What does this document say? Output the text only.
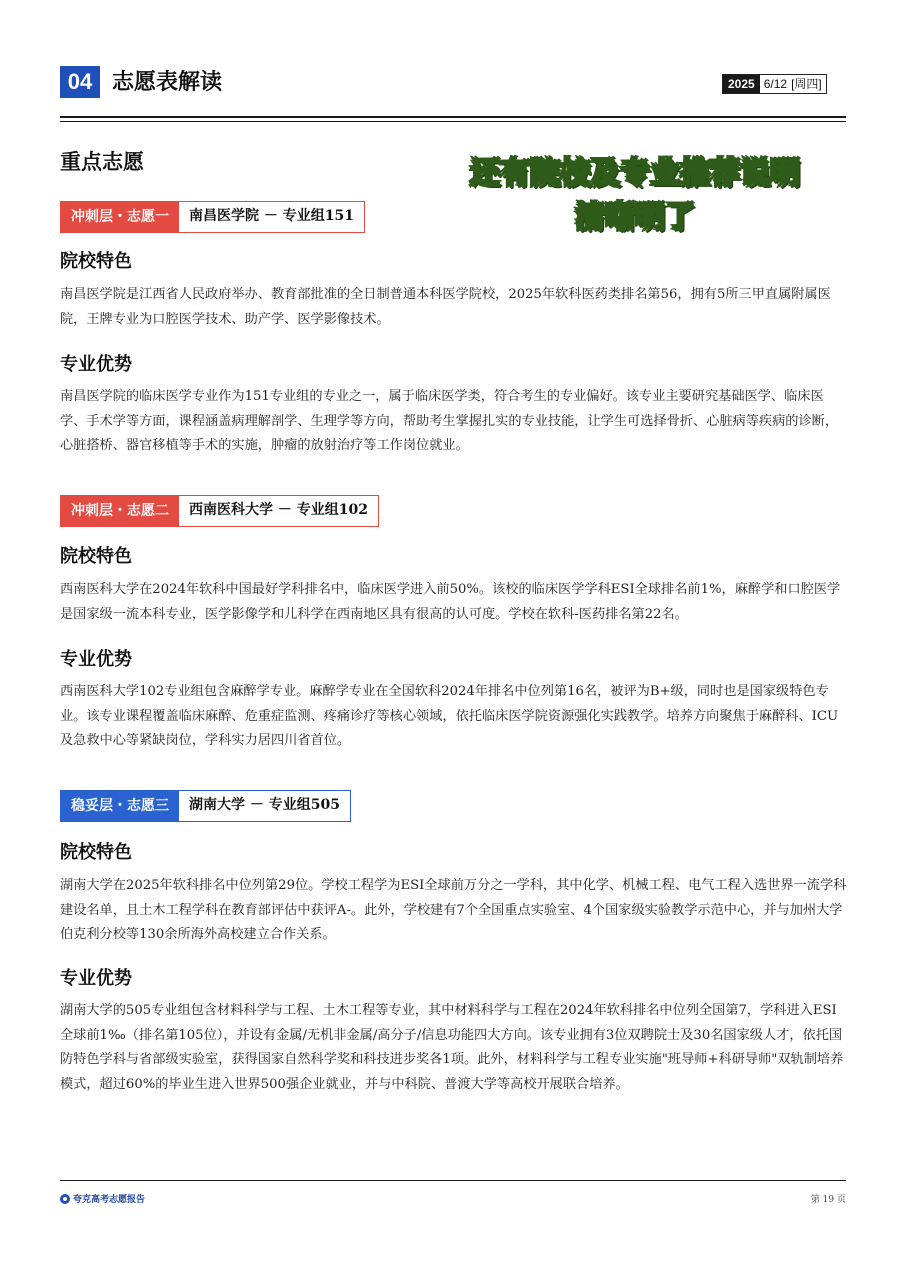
04 志愿表解读	2025 6/12 [周四]
重点志愿	还有院校及专业推荐说明
清晰明了
冲刺层・志愿一	南昌医学院 － 专业组151
院校特色

南昌医学院是江西省人民政府举办、教育部批准的全日制普通本科医学院校，2025年软科医药类排名第56，拥有5所三甲直属附属医院，王牌专业为口腔医学技术、助产学、医学影像技术。

专业优势

南昌医学院的临床医学专业作为151专业组的专业之一，属于临床医学类，符合考生的专业偏好。该专业主要研究基础医学、临床医学、手术学等方面，课程涵盖病理解剖学、生理学等方向，帮助考生掌握扎实的专业技能，让学生可选择骨折、心脏病等疾病的诊断，心脏搭桥、器官移植等手术的实施，肿瘤的放射治疗等工作岗位就业。

冲刺层・志愿二	西南医科大学 － 专业组102
院校特色

西南医科大学在2024年软科中国最好学科排名中，临床医学进入前50%。该校的临床医学学科ESI全球排名前1%，麻醉学和口腔医学是国家级一流本科专业，医学影像学和儿科学在西南地区具有很高的认可度。学校在软科-医药排名第22名。

专业优势

西南医科大学102专业组包含麻醉学专业。麻醉学专业在全国软科2024年排名中位列第16名，被评为B+级，同时也是国家级特色专业。该专业课程覆盖临床麻醉、危重症监测、疼痛诊疗等核心领域，依托临床医学院资源强化实践教学。培养方向聚焦于麻醉科、ICU及急救中心等紧缺岗位，学科实力居四川省首位。

稳妥层・志愿三	湖南大学 － 专业组505
院校特色

湖南大学在2025年软科排名中位列第29位。学校工程学为ESI全球前万分之一学科，其中化学、机械工程、电气工程入选世界一流学科建设名单，且土木工程学科在教育部评估中获评A-。此外，学校建有7个全国重点实验室、4个国家级实验教学示范中心，并与加州大学伯克利分校等130余所海外高校建立合作关系。

专业优势

湖南大学的505专业组包含材料科学与工程、土木工程等专业，其中材料科学与工程在2024年软科排名中位列全国第7，学科进入ESI全球前1‰（排名第105位），并设有金属/无机非金属/高分子/信息功能四大方向。该专业拥有3位双聘院士及30名国家级人才，依托国防特色学科与省部级实验室，获得国家自然科学奖和科技进步奖各1项。此外，材料科学与工程专业实施"班导师+科研导师"双轨制培养模式，超过60%的毕业生进入世界500强企业就业，并与中科院、普渡大学等高校开展联合培养。

夸克高考志愿报告	第 19 页
